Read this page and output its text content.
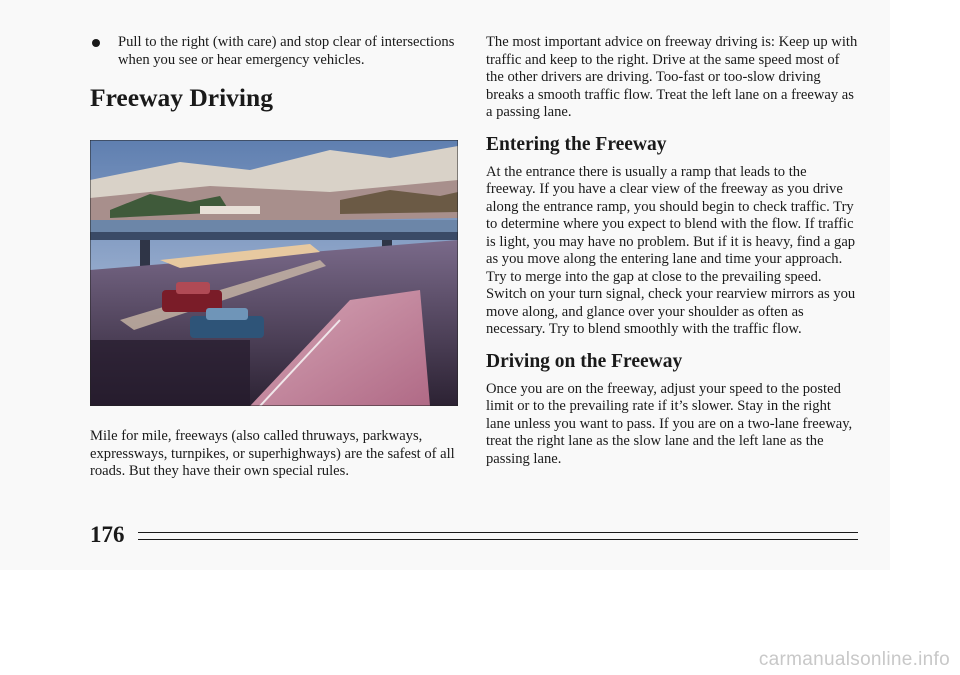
Pull to the right (with care) and stop clear of intersections when you see or hear emergency vehicles.
Freeway Driving
Mile for mile, freeways (also called thruways, parkways, expressways, turnpikes, or superhighways) are the safest of all roads. But they have their own special rules.

The most important advice on freeway driving is: Keep up with traffic and keep to the right. Drive at the same speed most of the other drivers are driving. Too-fast or too-slow driving breaks a smooth traffic flow. Treat the left lane on a freeway as a passing lane.

Entering the Freeway

At the entrance there is usually a ramp that leads to the freeway. If you have a clear view of the freeway as you drive along the entrance ramp, you should begin to check traffic. Try to determine where you expect to blend with the flow. If traffic is light, you may have no problem. But if it is heavy, find a gap as you move along the entering lane and time your approach. Try to merge into the gap at close to the prevailing speed. Switch on your turn signal, check your rearview mirrors as you move along, and glance over your shoulder as often as necessary. Try to blend smoothly with the traffic flow.

Driving on the Freeway

Once you are on the freeway, adjust your speed to the posted limit or to the prevailing rate if it’s slower. Stay in the right lane unless you want to pass. If you are on a two-lane freeway, treat the right lane as the slow lane and the left lane as the passing lane.

176
carmanualsonline.info
